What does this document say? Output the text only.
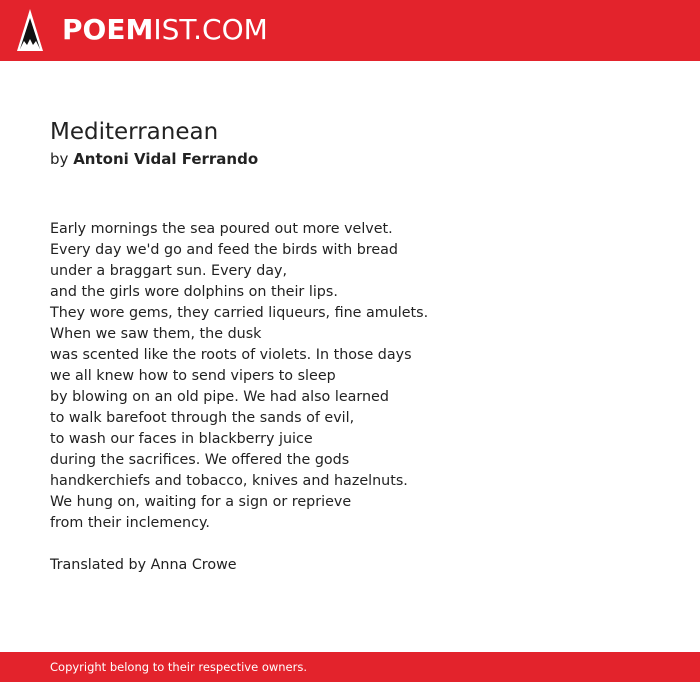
POEMIST.COM
Mediterranean
by Antoni Vidal Ferrando
Early mornings the sea poured out more velvet.
Every day we'd go and feed the birds with bread
under a braggart sun. Every day,
and the girls wore dolphins on their lips.
They wore gems, they carried liqueurs, fine amulets.
When we saw them, the dusk
was scented like the roots of violets. In those days
we all knew how to send vipers to sleep
by blowing on an old pipe. We had also learned
to walk barefoot through the sands of evil,
to wash our faces in blackberry juice
during the sacrifices. We offered the gods
handkerchiefs and tobacco, knives and hazelnuts.
We hung on, waiting for a sign or reprieve
from their inclemency.
Translated by Anna Crowe
Copyright belong to their respective owners.
